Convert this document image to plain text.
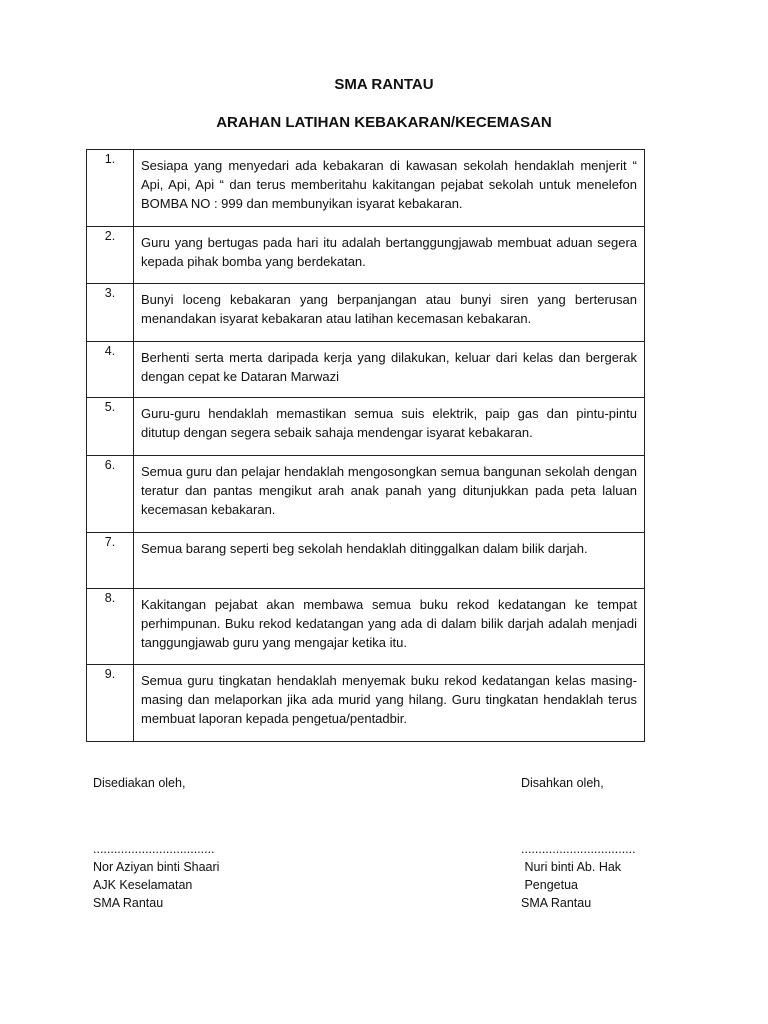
SMA RANTAU
ARAHAN LATIHAN KEBAKARAN/KECEMASAN
1.	Sesiapa yang menyedari ada kebakaran di kawasan sekolah hendaklah menjerit “ Api, Api, Api “ dan terus memberitahu kakitangan pejabat sekolah untuk menelefon BOMBA NO : 999 dan membunyikan isyarat kebakaran.
2.	Guru yang bertugas pada hari itu adalah bertanggungjawab membuat aduan segera kepada pihak bomba yang berdekatan.
3.	Bunyi loceng kebakaran yang berpanjangan atau bunyi siren yang berterusan menandakan isyarat kebakaran atau latihan kecemasan kebakaran.
4.	Berhenti serta merta daripada kerja yang dilakukan, keluar dari kelas dan bergerak dengan cepat ke Dataran Marwazi
5.	Guru-guru hendaklah memastikan semua suis elektrik, paip gas dan pintu-pintu ditutup dengan segera sebaik sahaja mendengar isyarat kebakaran.
6.	Semua guru dan pelajar hendaklah mengosongkan semua bangunan sekolah dengan teratur dan pantas mengikut arah anak panah yang ditunjukkan pada peta laluan kecemasan kebakaran.
7.	Semua barang seperti beg sekolah hendaklah ditinggalkan dalam bilik darjah.
8.	Kakitangan pejabat akan membawa semua buku rekod kedatangan ke tempat perhimpunan. Buku rekod kedatangan yang ada di dalam bilik darjah adalah menjadi tanggungjawab guru yang mengajar ketika itu.
9.	Semua guru tingkatan hendaklah menyemak buku rekod kedatangan kelas masing-masing dan melaporkan jika ada murid yang hilang. Guru tingkatan hendaklah terus membuat laporan kepada pengetua/pentadbir.
Disediakan oleh,
...................................
Nor Aziyan binti Shaari
AJK Keselamatan
SMA Rantau
Disahkan oleh,
.................................
Nuri binti Ab. Hak
Pengetua
SMA Rantau
